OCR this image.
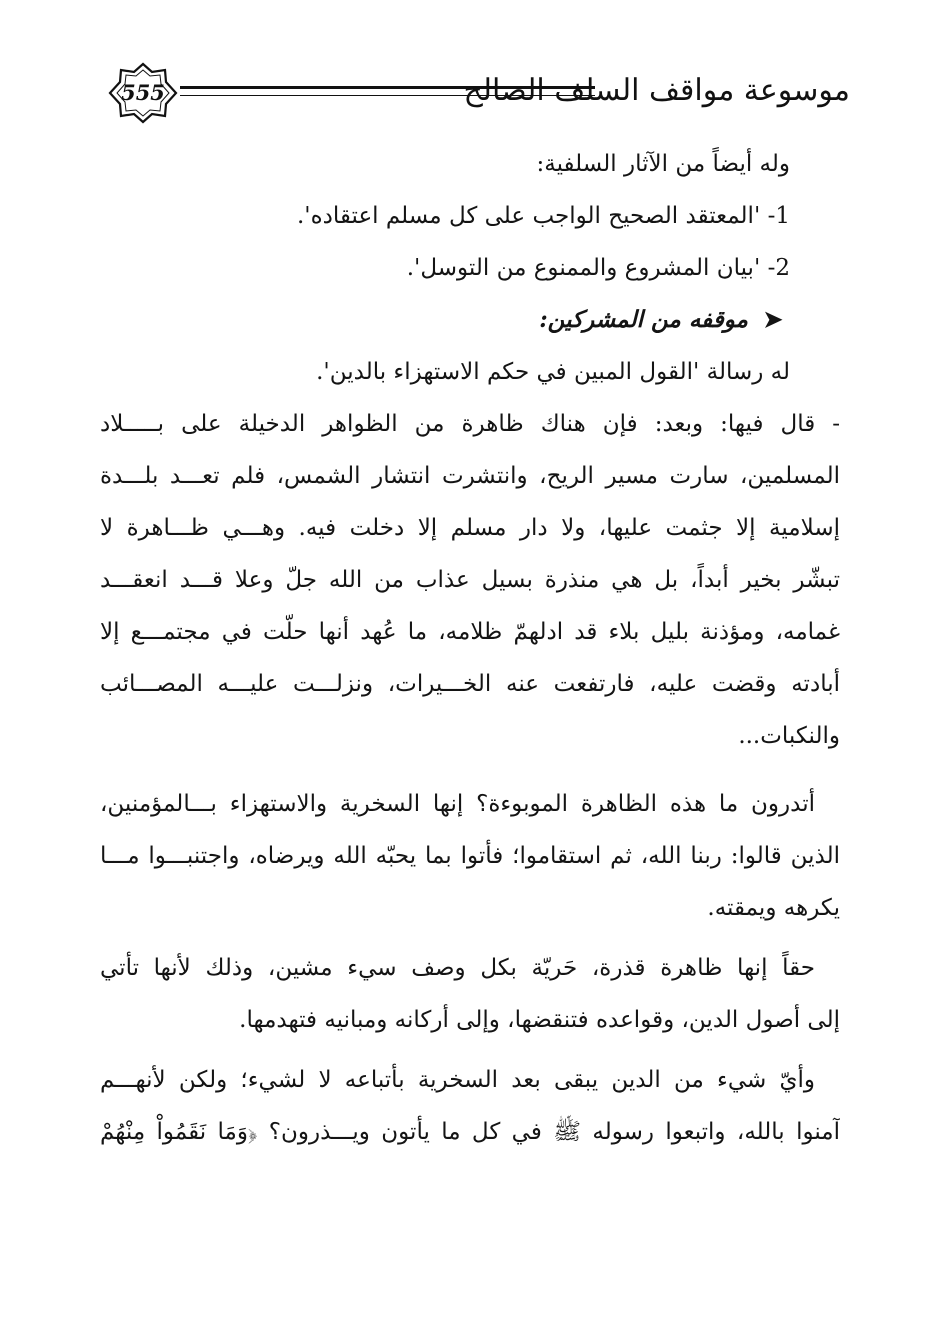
555	موسوعة مواقف السلف الصالح
وله أيضاً من الآثار السلفية:
1- 'المعتقد الصحيح الواجب على كل مسلم اعتقاده'.
2- 'بيان المشروع والممنوع من التوسل'.
➤ موقفه من المشركين:
له رسالة 'القول المبين في حكم الاستهزاء بالدين'.
- قال فيها: وبعد: فإن هناك ظاهرة من الظواهر الدخيلة على بـــــلاد
المسلمين، سارت مسير الريح، وانتشرت انتشار الشمس، فلم تعـــد بلـــدة
إسلامية إلا جثمت عليها، ولا دار مسلم إلا دخلت فيه. وهـــي ظـــاهرة لا
تبشّر بخير أبداً، بل هي منذرة بسيل عذاب من الله جلّ وعلا قـــد انعقـــد
غمامه، ومؤذنة بليل بلاء قد ادلهمّ ظلامه، ما عُهد أنها حلّت في مجتمـــع إلا
أبادته وقضت عليه، فارتفعت عنه الخـــيرات، ونزلـــت عليـــه المصـــائب
والنكبات...
أتدرون ما هذه الظاهرة الموبوءة؟ إنها السخرية والاستهزاء بـــالمؤمنين،
الذين قالوا: ربنا الله، ثم استقاموا؛ فأتوا بما يحبّه الله ويرضاه، واجتنبـــوا مـــا
يكرهه ويمقته.
حقاً إنها ظاهرة قذرة، حَريّة بكل وصف سيء مشين، وذلك لأنها تأتي
إلى أصول الدين، وقواعده فتنقضها، وإلى أركانه ومبانيه فتهدمها.
وأيّ شيء من الدين يبقى بعد السخرية بأتباعه لا لشيء؛ ولكن لأنهـــم
آمنوا بالله، واتبعوا رسوله ﷺ في كل ما يأتون ويـــذرون؟ ﴿وَمَا نَقَمُواْ مِنْهُمْ
